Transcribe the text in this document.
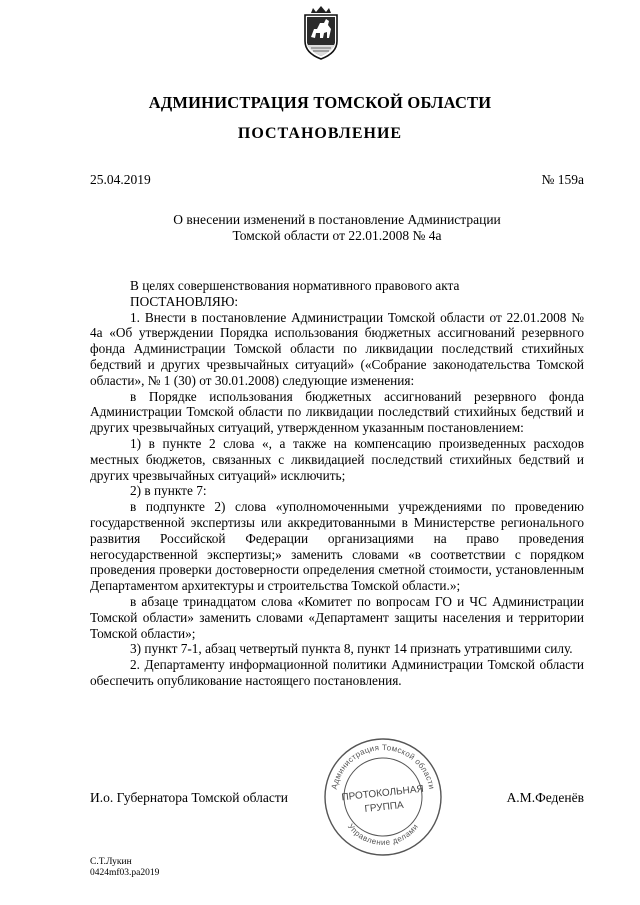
АДМИНИСТРАЦИЯ ТОМСКОЙ ОБЛАСТИ
ПОСТАНОВЛЕНИЕ
25.04.2019	№ 159а
О внесении изменений в постановление Администрации
Томской области от 22.01.2008 № 4а

В целях совершенствования нормативного правового акта

ПОСТАНОВЛЯЮ:

1. Внести в постановление Администрации Томской области от 22.01.2008 № 4а «Об утверждении Порядка использования бюджетных ассигнований резервного фонда Администрации Томской области по ликвидации последствий стихийных бедствий и других чрезвычайных ситуаций» («Собрание законодательства Томской области», № 1 (30) от 30.01.2008) следующие изменения:

в Порядке использования бюджетных ассигнований резервного фонда Администрации Томской области по ликвидации последствий стихийных бедствий и других чрезвычайных ситуаций, утвержденном указанным постановлением:

1) в пункте 2 слова «, а также на компенсацию произведенных расходов местных бюджетов, связанных с ликвидацией последствий стихийных бедствий и других чрезвычайных ситуаций» исключить;

2) в пункте 7:

в подпункте 2) слова «уполномоченными учреждениями по проведению государственной экспертизы или аккредитованными в Министерстве регионального развития Российской Федерации организациями на право проведения негосударственной экспертизы;» заменить словами «в соответствии с порядком проведения проверки достоверности определения сметной стоимости, установленным Департаментом архитектуры и строительства Томской области.»;

в абзаце тринадцатом слова «Комитет по вопросам ГО и ЧС Администрации Томской области» заменить словами «Департамент защиты населения и территории Томской области»;

3) пункт 7-1, абзац четвертый пункта 8, пункт 14 признать утратившими силу.

2. Департаменту информационной политики Администрации Томской области обеспечить опубликование настоящего постановления.

Администрация Томской области
Управление делами
ПРОТОКОЛЬНАЯ
ГРУППА
И.о. Губернатора Томской области	А.М.Феденёв
С.Т.Лукин
0424mf03.ра2019
